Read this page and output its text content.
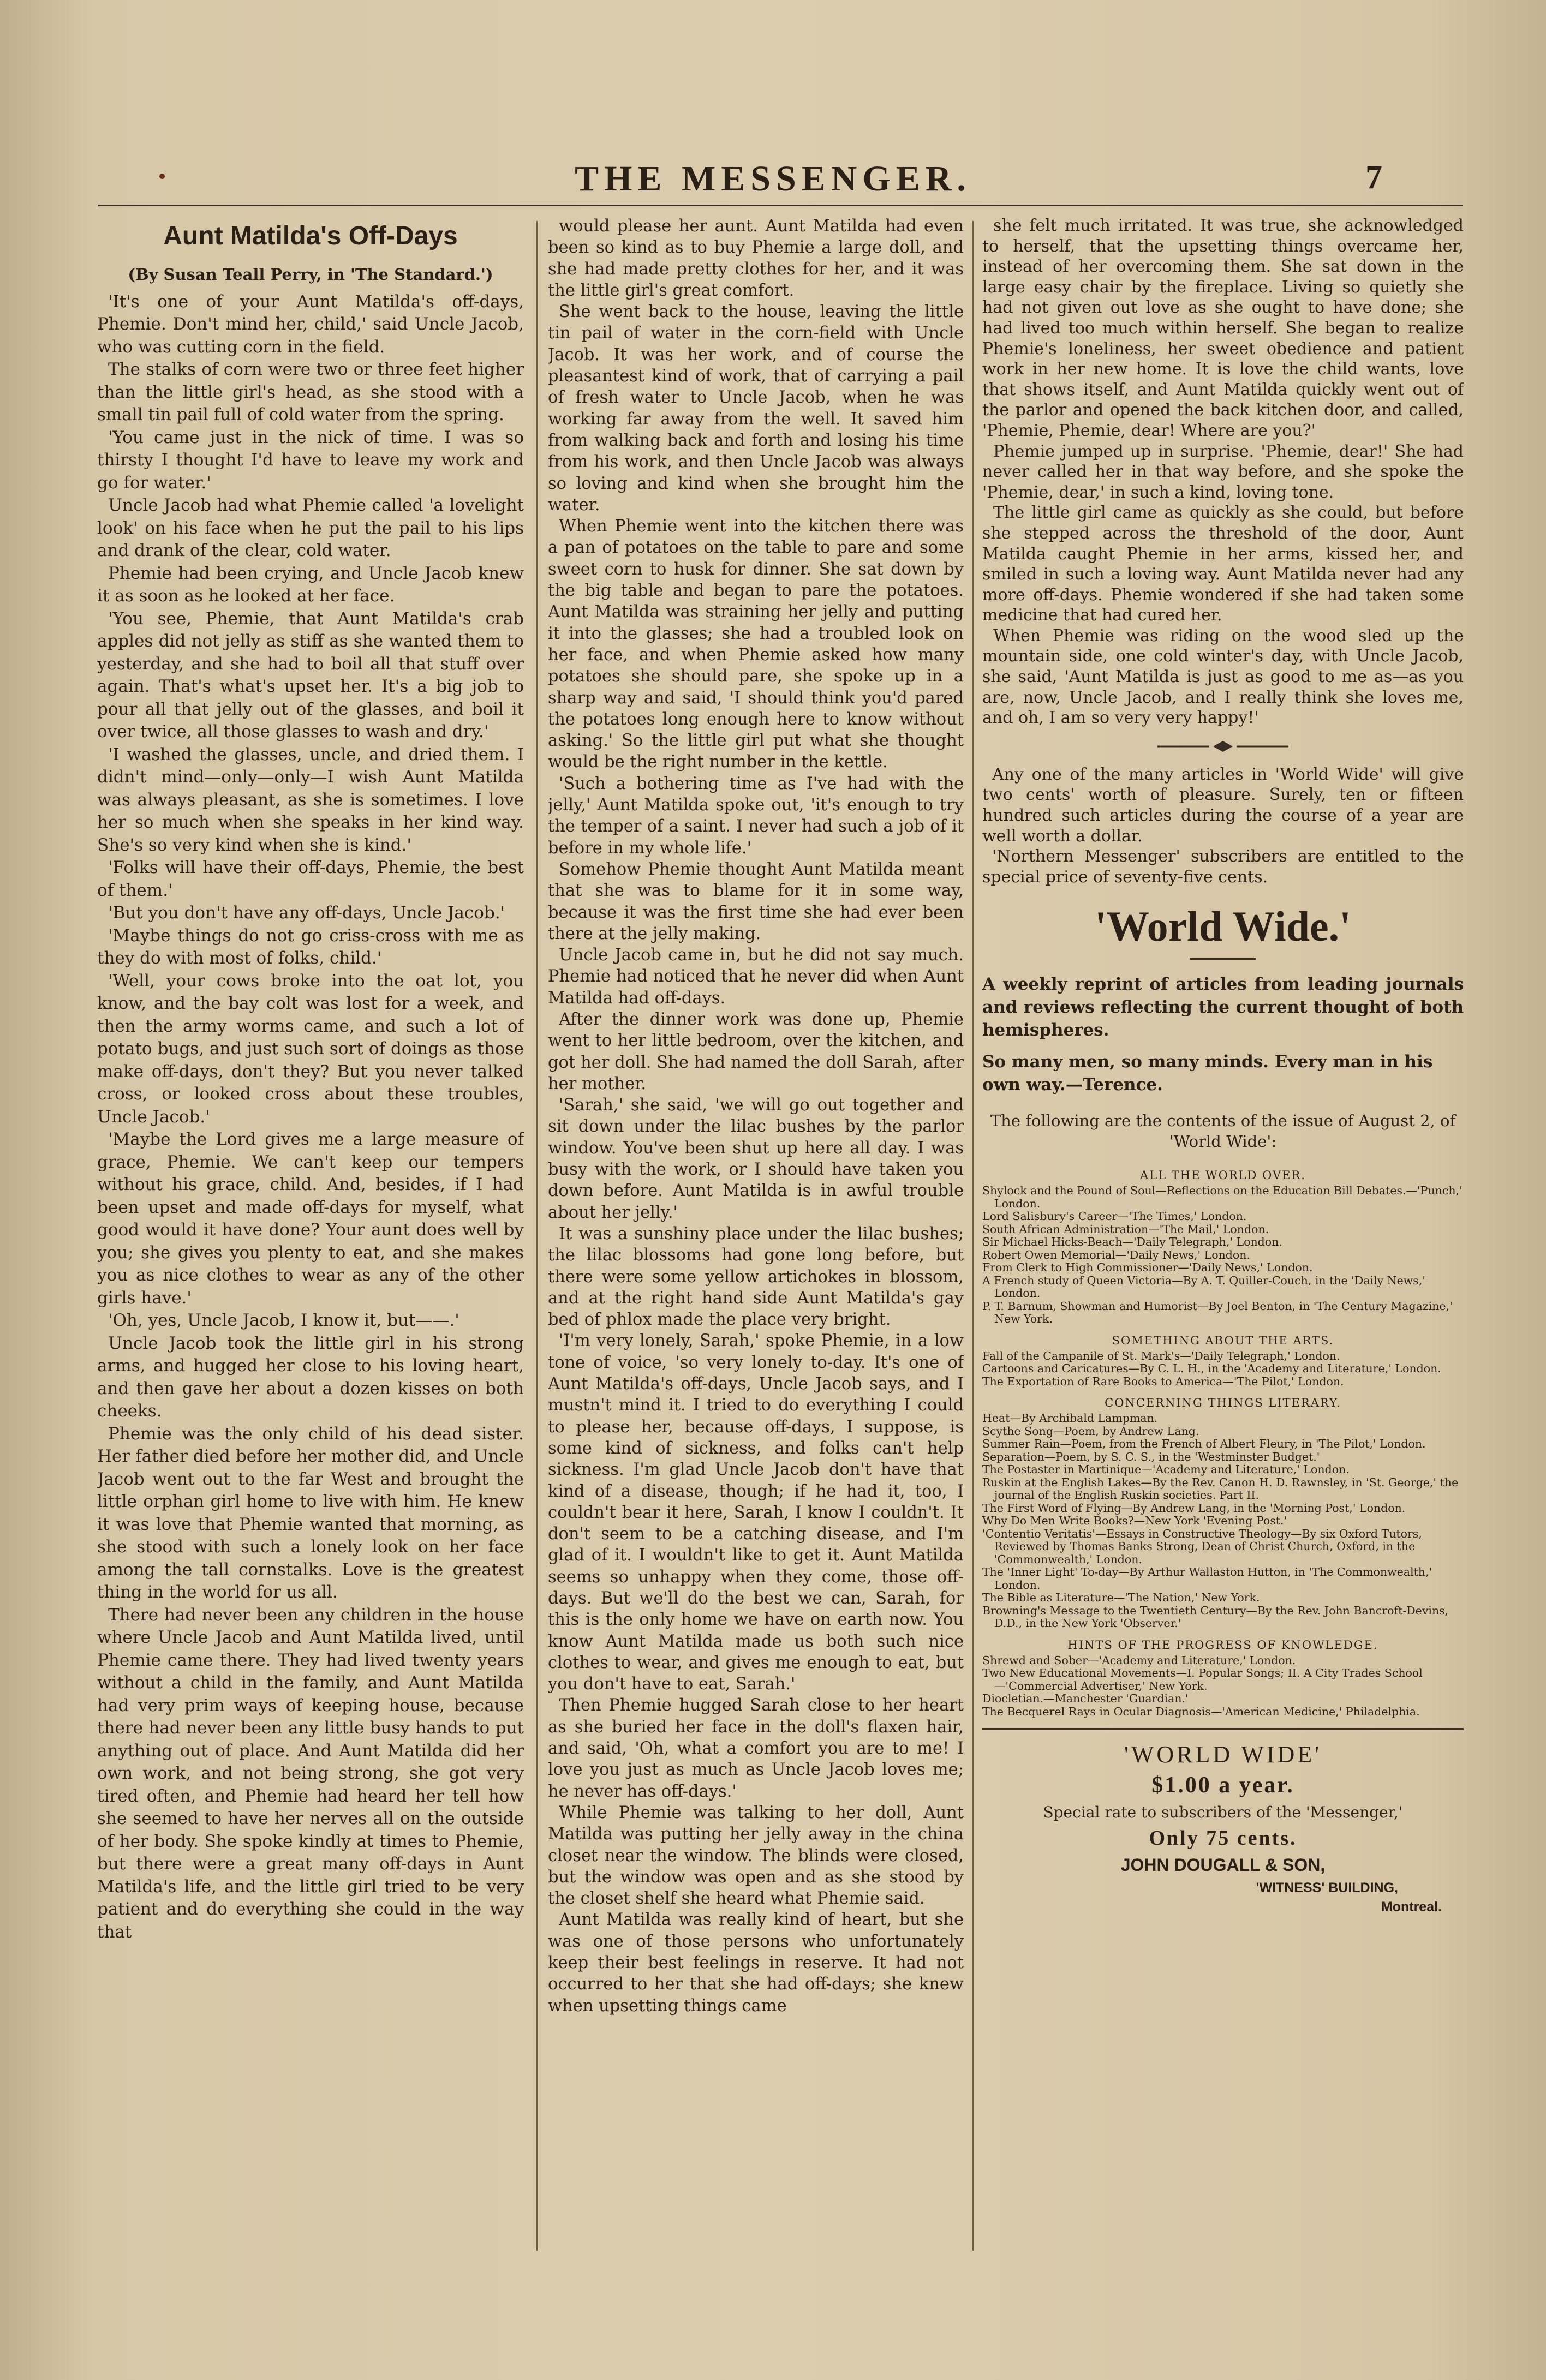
THE MESSENGER.	7
Aunt Matilda's Off-Days
(By Susan Teall Perry, in 'The Standard.')

'It's one of your Aunt Matilda's off-days, Phemie. Don't mind her, child,' said Uncle Jacob, who was cutting corn in the field.

The stalks of corn were two or three feet higher than the little girl's head, as she stood with a small tin pail full of cold water from the spring.

'You came just in the nick of time. I was so thirsty I thought I'd have to leave my work and go for water.'

Uncle Jacob had what Phemie called 'a lovelight look' on his face when he put the pail to his lips and drank of the clear, cold water.

Phemie had been crying, and Uncle Jacob knew it as soon as he looked at her face.

'You see, Phemie, that Aunt Matilda's crab apples did not jelly as stiff as she wanted them to yesterday, and she had to boil all that stuff over again. That's what's upset her. It's a big job to pour all that jelly out of the glasses, and boil it over twice, all those glasses to wash and dry.'

'I washed the glasses, uncle, and dried them. I didn't mind—only—only—I wish Aunt Matilda was always pleasant, as she is sometimes. I love her so much when she speaks in her kind way. She's so very kind when she is kind.'

'Folks will have their off-days, Phemie, the best of them.'

'But you don't have any off-days, Uncle Jacob.'

'Maybe things do not go criss-cross with me as they do with most of folks, child.'

'Well, your cows broke into the oat lot, you know, and the bay colt was lost for a week, and then the army worms came, and such a lot of potato bugs, and just such sort of doings as those make off-days, don't they? But you never talked cross, or looked cross about these troubles, Uncle Jacob.'

'Maybe the Lord gives me a large measure of grace, Phemie. We can't keep our tempers without his grace, child. And, besides, if I had been upset and made off-days for myself, what good would it have done? Your aunt does well by you; she gives you plenty to eat, and she makes you as nice clothes to wear as any of the other girls have.'

'Oh, yes, Uncle Jacob, I know it, but——.'

Uncle Jacob took the little girl in his strong arms, and hugged her close to his loving heart, and then gave her about a dozen kisses on both cheeks.

Phemie was the only child of his dead sister. Her father died before her mother did, and Uncle Jacob went out to the far West and brought the little orphan girl home to live with him. He knew it was love that Phemie wanted that morning, as she stood with such a lonely look on her face among the tall cornstalks. Love is the greatest thing in the world for us all.

There had never been any children in the house where Uncle Jacob and Aunt Matilda lived, until Phemie came there. They had lived twenty years without a child in the family, and Aunt Matilda had very prim ways of keeping house, because there had never been any little busy hands to put anything out of place. And Aunt Matilda did her own work, and not being strong, she got very tired often, and Phemie had heard her tell how she seemed to have her nerves all on the outside of her body. She spoke kindly at times to Phemie, but there were a great many off-days in Aunt Matilda's life, and the little girl tried to be very patient and do everything she could in the way that

would please her aunt. Aunt Matilda had even been so kind as to buy Phemie a large doll, and she had made pretty clothes for her, and it was the little girl's great comfort.

She went back to the house, leaving the little tin pail of water in the corn-field with Uncle Jacob. It was her work, and of course the pleasantest kind of work, that of carrying a pail of fresh water to Uncle Jacob, when he was working far away from the well. It saved him from walking back and forth and losing his time from his work, and then Uncle Jacob was always so loving and kind when she brought him the water.

When Phemie went into the kitchen there was a pan of potatoes on the table to pare and some sweet corn to husk for dinner. She sat down by the big table and began to pare the potatoes. Aunt Matilda was straining her jelly and putting it into the glasses; she had a troubled look on her face, and when Phemie asked how many potatoes she should pare, she spoke up in a sharp way and said, 'I should think you'd pared the potatoes long enough here to know without asking.' So the little girl put what she thought would be the right number in the kettle.

'Such a bothering time as I've had with the jelly,' Aunt Matilda spoke out, 'it's enough to try the temper of a saint. I never had such a job of it before in my whole life.'

Somehow Phemie thought Aunt Matilda meant that she was to blame for it in some way, because it was the first time she had ever been there at the jelly making.

Uncle Jacob came in, but he did not say much. Phemie had noticed that he never did when Aunt Matilda had off-days.

After the dinner work was done up, Phemie went to her little bedroom, over the kitchen, and got her doll. She had named the doll Sarah, after her mother.

'Sarah,' she said, 'we will go out together and sit down under the lilac bushes by the parlor window. You've been shut up here all day. I was busy with the work, or I should have taken you down before. Aunt Matilda is in awful trouble about her jelly.'

It was a sunshiny place under the lilac bushes; the lilac blossoms had gone long before, but there were some yellow artichokes in blossom, and at the right hand side Aunt Matilda's gay bed of phlox made the place very bright.

'I'm very lonely, Sarah,' spoke Phemie, in a low tone of voice, 'so very lonely to-day. It's one of Aunt Matilda's off-days, Uncle Jacob says, and I mustn't mind it. I tried to do everything I could to please her, because off-days, I suppose, is some kind of sickness, and folks can't help sickness. I'm glad Uncle Jacob don't have that kind of a disease, though; if he had it, too, I couldn't bear it here, Sarah, I know I couldn't. It don't seem to be a catching disease, and I'm glad of it. I wouldn't like to get it. Aunt Matilda seems so unhappy when they come, those off-days. But we'll do the best we can, Sarah, for this is the only home we have on earth now. You know Aunt Matilda made us both such nice clothes to wear, and gives me enough to eat, but you don't have to eat, Sarah.'

Then Phemie hugged Sarah close to her heart as she buried her face in the doll's flaxen hair, and said, 'Oh, what a comfort you are to me! I love you just as much as Uncle Jacob loves me; he never has off-days.'

While Phemie was talking to her doll, Aunt Matilda was putting her jelly away in the china closet near the window. The blinds were closed, but the window was open and as she stood by the closet shelf she heard what Phemie said.

Aunt Matilda was really kind of heart, but she was one of those persons who unfortunately keep their best feelings in reserve. It had not occurred to her that she had off-days; she knew when upsetting things came

she felt much irritated. It was true, she acknowledged to herself, that the upsetting things overcame her, instead of her overcoming them. She sat down in the large easy chair by the fireplace. Living so quietly she had not given out love as she ought to have done; she had lived too much within herself. She began to realize Phemie's loneliness, her sweet obedience and patient work in her new home. It is love the child wants, love that shows itself, and Aunt Matilda quickly went out of the parlor and opened the back kitchen door, and called, 'Phemie, Phemie, dear! Where are you?'

Phemie jumped up in surprise. 'Phemie, dear!' She had never called her in that way before, and she spoke the 'Phemie, dear,' in such a kind, loving tone.

The little girl came as quickly as she could, but before she stepped across the threshold of the door, Aunt Matilda caught Phemie in her arms, kissed her, and smiled in such a loving way. Aunt Matilda never had any more off-days. Phemie wondered if she had taken some medicine that had cured her.

When Phemie was riding on the wood sled up the mountain side, one cold winter's day, with Uncle Jacob, she said, 'Aunt Matilda is just as good to me as—as you are, now, Uncle Jacob, and I really think she loves me, and oh, I am so very very happy!'

Any one of the many articles in 'World Wide' will give two cents' worth of pleasure. Surely, ten or fifteen hundred such articles during the course of a year are well worth a dollar.

'Northern Messenger' subscribers are entitled to the special price of seventy-five cents.

'World Wide.'
A weekly reprint of articles from leading journals and reviews reflecting the current thought of both hemispheres.
So many men, so many minds. Every man in his own way.—Terence.
The following are the contents of the issue of August 2, of 'World Wide':
ALL THE WORLD OVER.
Shylock and the Pound of Soul—Reflections on the Education Bill Debates.—'Punch,' London.
Lord Salisbury's Career—'The Times,' London.
South African Administration—'The Mail,' London.
Sir Michael Hicks-Beach—'Daily Telegraph,' London.
Robert Owen Memorial—'Daily News,' London.
From Clerk to High Commissioner—'Daily News,' London.
A French study of Queen Victoria—By A. T. Quiller-Couch, in the 'Daily News,' London.
P. T. Barnum, Showman and Humorist—By Joel Benton, in 'The Century Magazine,' New York.
SOMETHING ABOUT THE ARTS.
Fall of the Campanile of St. Mark's—'Daily Telegraph,' London.
Cartoons and Caricatures—By C. L. H., in the 'Academy and Literature,' London.
The Exportation of Rare Books to America—'The Pilot,' London.
CONCERNING THINGS LITERARY.
Heat—By Archibald Lampman.
Scythe Song—Poem, by Andrew Lang.
Summer Rain—Poem, from the French of Albert Fleury, in 'The Pilot,' London.
Separation—Poem, by S. C. S., in the 'Westminster Budget.'
The Postaster in Martinique—'Academy and Literature,' London.
Ruskin at the English Lakes—By the Rev. Canon H. D. Rawnsley, in 'St. George,' the journal of the English Ruskin societies. Part II.
The First Word of Flying—By Andrew Lang, in the 'Morning Post,' London.
Why Do Men Write Books?—New York 'Evening Post.'
'Contentio Veritatis'—Essays in Constructive Theology—By six Oxford Tutors, Reviewed by Thomas Banks Strong, Dean of Christ Church, Oxford, in the 'Commonwealth,' London.
The 'Inner Light' To-day—By Arthur Wallaston Hutton, in 'The Commonwealth,' London.
The Bible as Literature—'The Nation,' New York.
Browning's Message to the Twentieth Century—By the Rev. John Bancroft-Devins, D.D., in the New York 'Observer.'
HINTS OF THE PROGRESS OF KNOWLEDGE.
Shrewd and Sober—'Academy and Literature,' London.
Two New Educational Movements—I. Popular Songs; II. A City Trades School—'Commercial Advertiser,' New York.
Diocletian.—Manchester 'Guardian.'
The Becquerel Rays in Ocular Diagnosis—'American Medicine,' Philadelphia.
'WORLD WIDE'
$1.00 a year.
Special rate to subscribers of the 'Messenger,'
Only 75 cents.
JOHN DOUGALL & SON,
'WITNESS' BUILDING,
Montreal.
